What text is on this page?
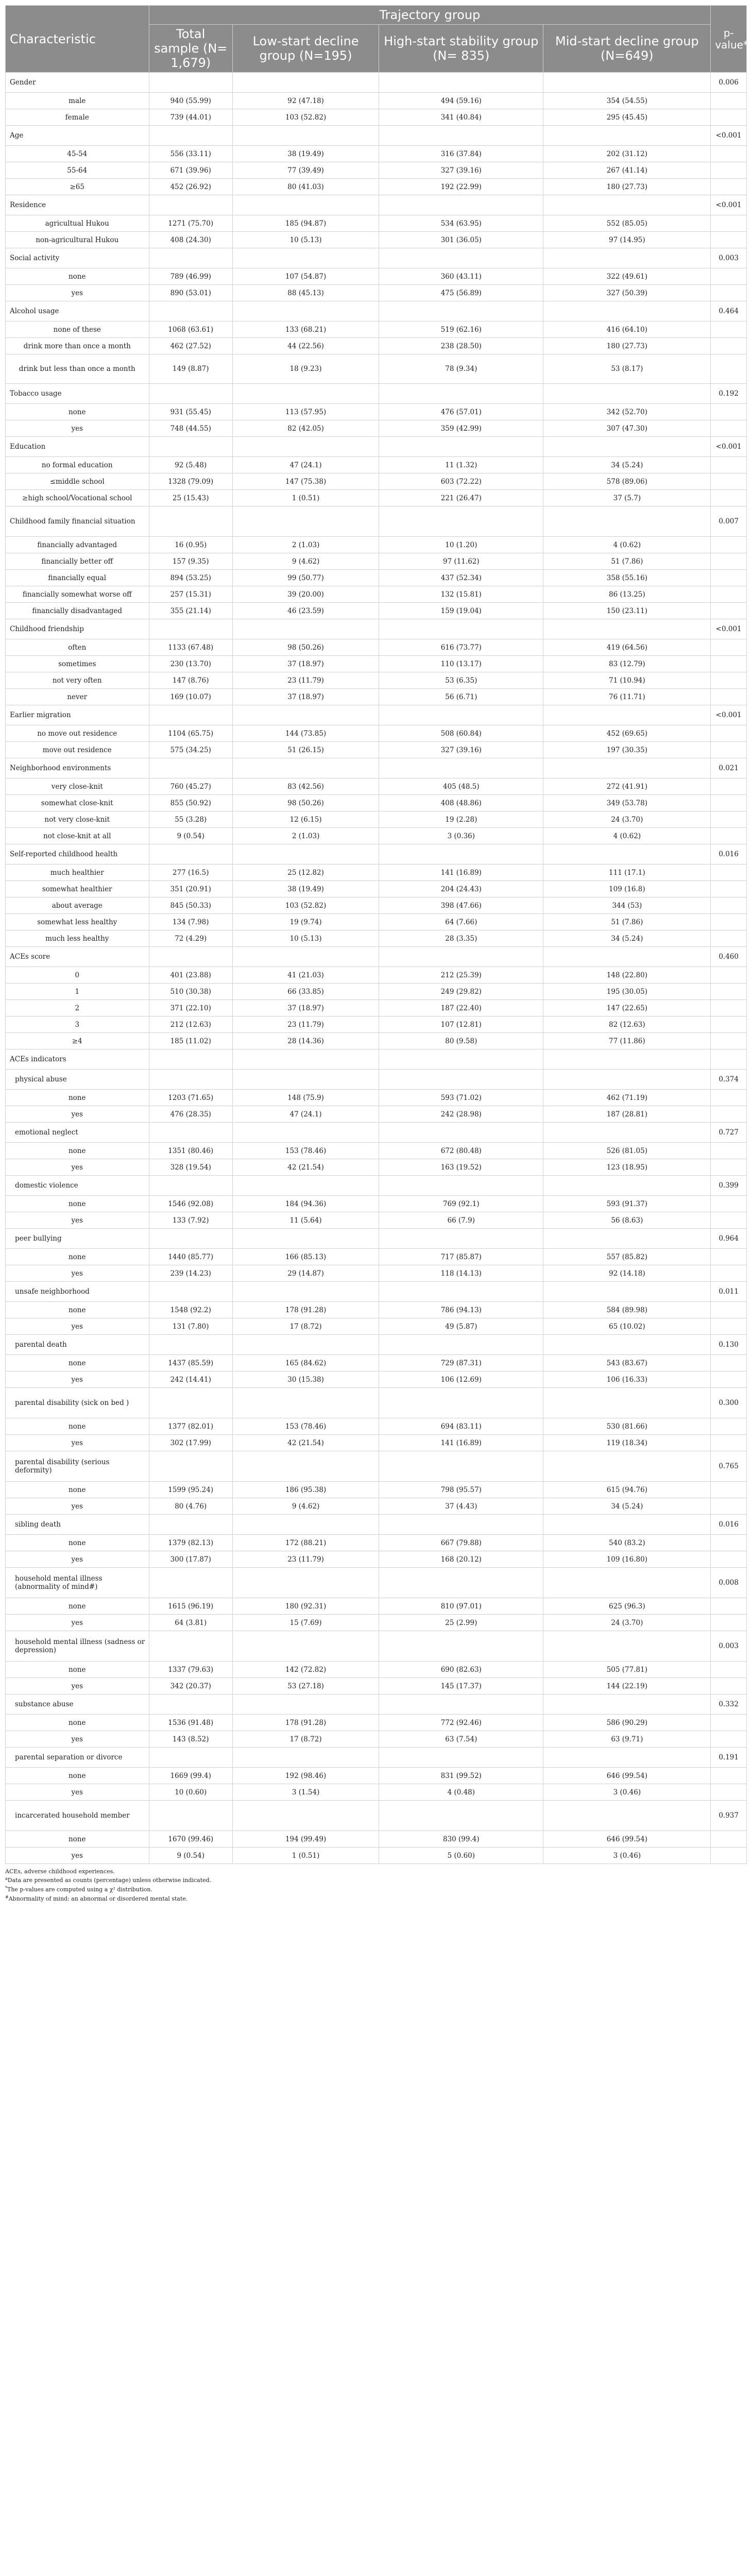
Characteristic	Trajectory group				p-value*
	Total sample (N= 1,679)	Low-start decline group (N=195)	High-start stability group (N= 835)	Mid-start decline group (N=649)	
Gender					0.006
male	940 (55.99)	92 (47.18)	494 (59.16)	354 (54.55)	
female	739 (44.01)	103 (52.82)	341 (40.84)	295 (45.45)	
Age					<0.001
45-54	556 (33.11)	38 (19.49)	316 (37.84)	202 (31.12)	
55-64	671 (39.96)	77 (39.49)	327 (39.16)	267 (41.14)	
≥65	452 (26.92)	80 (41.03)	192 (22.99)	180 (27.73)	
Residence					<0.001
agricultual Hukou	1271 (75.70)	185 (94.87)	534 (63.95)	552 (85.05)	
non-agricultural Hukou	408 (24.30)	10 (5.13)	301 (36.05)	97 (14.95)	
Social activity					0.003
none	789 (46.99)	107 (54.87)	360 (43.11)	322 (49.61)	
yes	890 (53.01)	88 (45.13)	475 (56.89)	327 (50.39)	
Alcohol usage					0.464
none of these	1068 (63.61)	133 (68.21)	519 (62.16)	416 (64.10)	
drink more than once a month	462 (27.52)	44 (22.56)	238 (28.50)	180 (27.73)	
drink but less than once a month	149 (8.87)	18 (9.23)	78 (9.34)	53 (8.17)	
Tobacco usage					0.192
none	931 (55.45)	113 (57.95)	476 (57.01)	342 (52.70)	
yes	748 (44.55)	82 (42.05)	359 (42.99)	307 (47.30)	
Education					<0.001
no formal education	92 (5.48)	47 (24.1)	11 (1.32)	34 (5.24)	
≤middle school	1328 (79.09)	147 (75.38)	603 (72.22)	578 (89.06)	
≥high school/Vocational school	25 (15.43)	1 (0.51)	221 (26.47)	37 (5.7)	
Childhood family financial situation					0.007
financially advantaged	16 (0.95)	2 (1.03)	10 (1.20)	4 (0.62)	
financially better off	157 (9.35)	9 (4.62)	97 (11.62)	51 (7.86)	
financially equal	894 (53.25)	99 (50.77)	437 (52.34)	358 (55.16)	
financially somewhat worse off	257 (15.31)	39 (20.00)	132 (15.81)	86 (13.25)	
financially disadvantaged	355 (21.14)	46 (23.59)	159 (19.04)	150 (23.11)	
Childhood friendship					<0.001
often	1133 (67.48)	98 (50.26)	616 (73.77)	419 (64.56)	
sometimes	230 (13.70)	37 (18.97)	110 (13.17)	83 (12.79)	
not very often	147 (8.76)	23 (11.79)	53 (6.35)	71 (10.94)	
never	169 (10.07)	37 (18.97)	56 (6.71)	76 (11.71)	
Earlier migration					<0.001
no move out residence	1104 (65.75)	144 (73.85)	508 (60.84)	452 (69.65)	
move out residence	575 (34.25)	51 (26.15)	327 (39.16)	197 (30.35)	
Neighborhood environments					0.021
very close-knit	760 (45.27)	83 (42.56)	405 (48.5)	272 (41.91)	
somewhat close-knit	855 (50.92)	98 (50.26)	408 (48.86)	349 (53.78)	
not very close-knit	55 (3.28)	12 (6.15)	19 (2.28)	24 (3.70)	
not close-knit at all	9 (0.54)	2 (1.03)	3 (0.36)	4 (0.62)	
Self-reported childhood health					0.016
much healthier	277 (16.5)	25 (12.82)	141 (16.89)	111 (17.1)	
somewhat healthier	351 (20.91)	38 (19.49)	204 (24.43)	109 (16.8)	
about average	845 (50.33)	103 (52.82)	398 (47.66)	344 (53)	
somewhat less healthy	134 (7.98)	19 (9.74)	64 (7.66)	51 (7.86)	
much less healthy	72 (4.29)	10 (5.13)	28 (3.35)	34 (5.24)	
ACEs score					0.460
0	401 (23.88)	41 (21.03)	212 (25.39)	148 (22.80)	
1	510 (30.38)	66 (33.85)	249 (29.82)	195 (30.05)	
2	371 (22.10)	37 (18.97)	187 (22.40)	147 (22.65)	
3	212 (12.63)	23 (11.79)	107 (12.81)	82 (12.63)	
≥4	185 (11.02)	28 (14.36)	80 (9.58)	77 (11.86)	
ACEs indicators					
physical abuse					0.374
none	1203 (71.65)	148 (75.9)	593 (71.02)	462 (71.19)	
yes	476 (28.35)	47 (24.1)	242 (28.98)	187 (28.81)	
emotional neglect					0.727
none	1351 (80.46)	153 (78.46)	672 (80.48)	526 (81.05)	
yes	328 (19.54)	42 (21.54)	163 (19.52)	123 (18.95)	
domestic violence					0.399
none	1546 (92.08)	184 (94.36)	769 (92.1)	593 (91.37)	
yes	133 (7.92)	11 (5.64)	66 (7.9)	56 (8.63)	
peer bullying					0.964
none	1440 (85.77)	166 (85.13)	717 (85.87)	557 (85.82)	
yes	239 (14.23)	29 (14.87)	118 (14.13)	92 (14.18)	
unsafe neighborhood					0.011
none	1548 (92.2)	178 (91.28)	786 (94.13)	584 (89.98)	
yes	131 (7.80)	17 (8.72)	49 (5.87)	65 (10.02)	
parental death					0.130
none	1437 (85.59)	165 (84.62)	729 (87.31)	543 (83.67)	
yes	242 (14.41)	30 (15.38)	106 (12.69)	106 (16.33)	
parental disability (sick on bed )					0.300
none	1377 (82.01)	153 (78.46)	694 (83.11)	530 (81.66)	
yes	302 (17.99)	42 (21.54)	141 (16.89)	119 (18.34)	
parental disability (serious deformity)					0.765
none	1599 (95.24)	186 (95.38)	798 (95.57)	615 (94.76)	
yes	80 (4.76)	9 (4.62)	37 (4.43)	34 (5.24)	
sibling death					0.016
none	1379 (82.13)	172 (88.21)	667 (79.88)	540 (83.2)	
yes	300 (17.87)	23 (11.79)	168 (20.12)	109 (16.80)	
household mental illness (abnormality of mind#)					0.008
none	1615 (96.19)	180 (92.31)	810 (97.01)	625 (96.3)	
yes	64 (3.81)	15 (7.69)	25 (2.99)	24 (3.70)	
household mental illness (sadness or depression)					0.003
none	1337 (79.63)	142 (72.82)	690 (82.63)	505 (77.81)	
yes	342 (20.37)	53 (27.18)	145 (17.37)	144 (22.19)	
substance abuse					0.332
none	1536 (91.48)	178 (91.28)	772 (92.46)	586 (90.29)	
yes	143 (8.52)	17 (8.72)	63 (7.54)	63 (9.71)	
parental separation or divorce					0.191
none	1669 (99.4)	192 (98.46)	831 (99.52)	646 (99.54)	
yes	10 (0.60)	3 (1.54)	4 (0.48)	3 (0.46)	
incarcerated household member					0.937
none	1670 (99.46)	194 (99.49)	830 (99.4)	646 (99.54)	
yes	9 (0.54)	1 (0.51)	5 (0.60)	3 (0.46)	
ACEs, adverse childhood experiences.
$^a$Data are presented as counts (percentage) unless otherwise indicated.
*The p-values are computed using a χ² distribution.
#Abnormality of mind: an abnormal or disordered mental state.
